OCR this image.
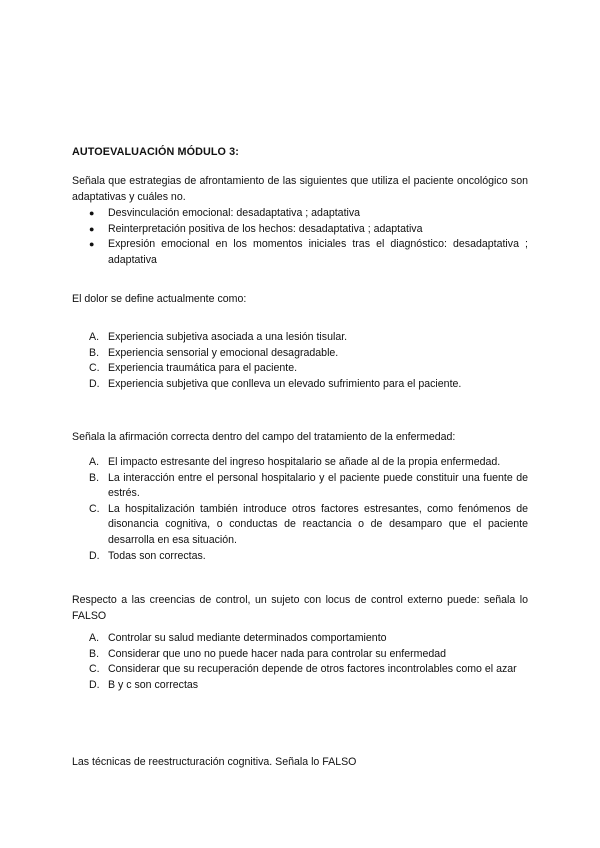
AUTOEVALUACIÓN MÓDULO 3:

Señala que estrategias de afrontamiento de las siguientes que utiliza el paciente oncológico son adaptativas y cuáles no.

● Desvinculación emocional: desadaptativa ; adaptativa
● Reinterpretación positiva de los hechos: desadaptativa ; adaptativa
● Expresión emocional en los momentos iniciales tras el diagnóstico: desadaptativa ; adaptativa

El dolor se define actualmente como:

A. Experiencia subjetiva asociada a una lesión tisular.
B. Experiencia sensorial y emocional desagradable.
C. Experiencia traumática para el paciente.
D. Experiencia subjetiva que conlleva un elevado sufrimiento para el paciente.

Señala la afirmación correcta dentro del campo del tratamiento de la enfermedad:

A. El impacto estresante del ingreso hospitalario se añade al de la propia enfermedad.
B. La interacción entre el personal hospitalario y el paciente puede constituir una fuente de estrés.
C. La hospitalización también introduce otros factores estresantes, como fenómenos de disonancia cognitiva, o conductas de reactancia o de desamparo que el paciente desarrolla en esa situación.
D. Todas son correctas.

Respecto a las creencias de control, un sujeto con locus de control externo puede: señala lo FALSO

A. Controlar su salud mediante determinados comportamiento
B. Considerar que uno no puede hacer nada para controlar su enfermedad
C. Considerar que su recuperación depende de otros factores incontrolables como el azar
D. B y c son correctas

Las técnicas de reestructuración cognitiva. Señala lo FALSO
